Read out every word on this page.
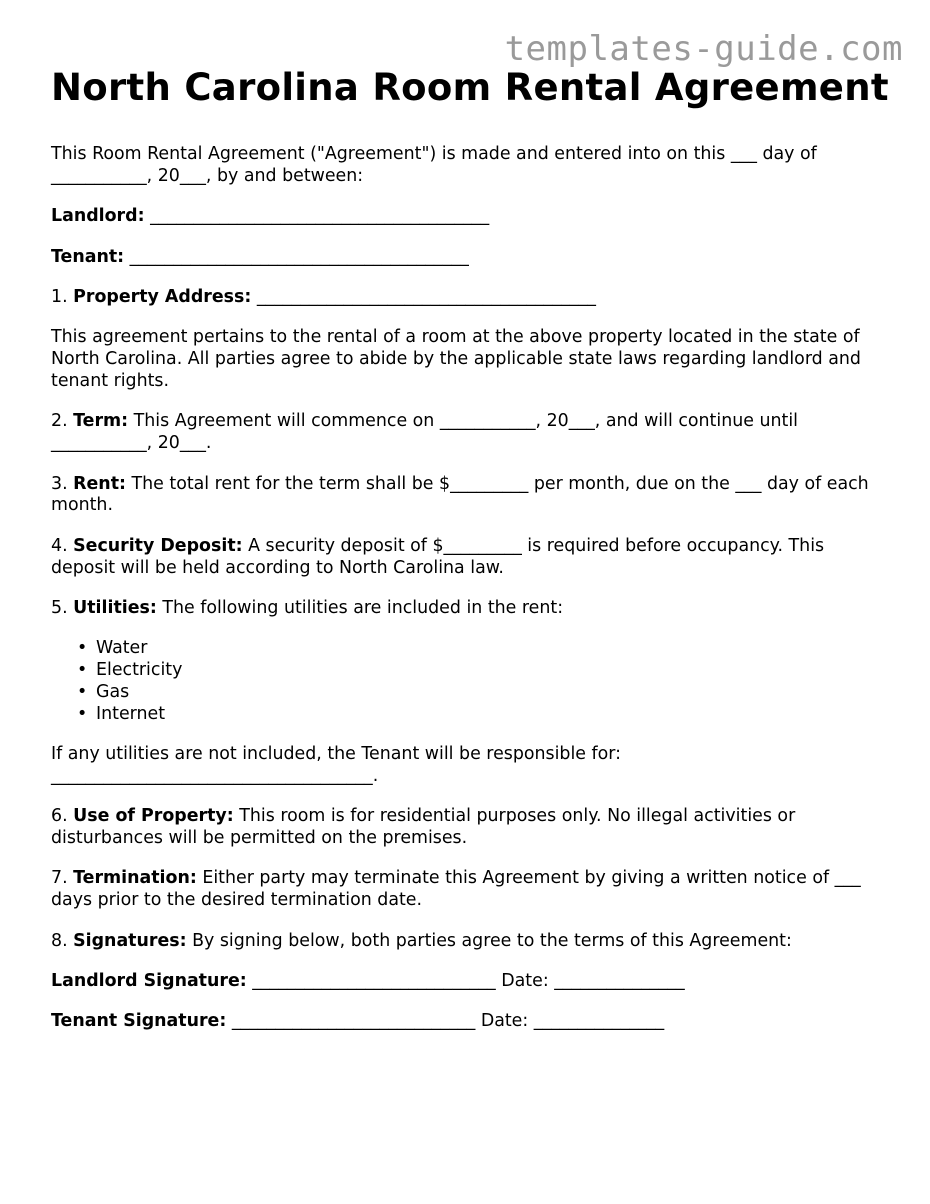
templates-guide.com
North Carolina Room Rental Agreement

This Room Rental Agreement ("Agreement") is made and entered into on this ___ day of ___________, 20___, by and between:

Landlord: _______________________________________

Tenant: _______________________________________

1. Property Address: _______________________________________

This agreement pertains to the rental of a room at the above property located in the state of North Carolina. All parties agree to abide by the applicable state laws regarding landlord and tenant rights.

2. Term: This Agreement will commence on ___________, 20___, and will continue until ___________, 20___.

3. Rent: The total rent for the term shall be $_________ per month, due on the ___ day of each month.

4. Security Deposit: A security deposit of $_________ is required before occupancy. This deposit will be held according to North Carolina law.

5. Utilities: The following utilities are included in the rent:

• Water
• Electricity
• Gas
• Internet

If any utilities are not included, the Tenant will be responsible for: _____________________________________.

6. Use of Property: This room is for residential purposes only. No illegal activities or disturbances will be permitted on the premises.

7. Termination: Either party may terminate this Agreement by giving a written notice of ___ days prior to the desired termination date.

8. Signatures: By signing below, both parties agree to the terms of this Agreement:

Landlord Signature: ____________________________ Date: _______________

Tenant Signature: ____________________________ Date: _______________
